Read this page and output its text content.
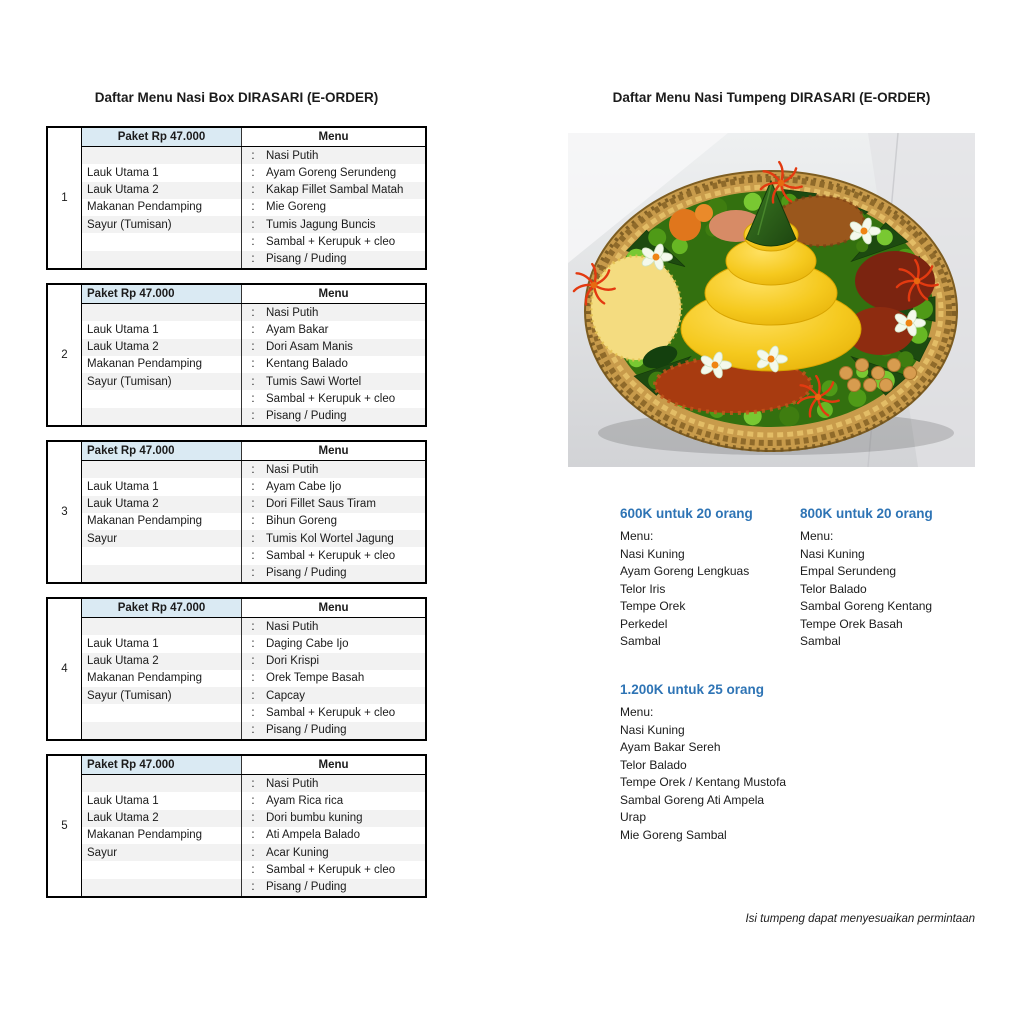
Daftar Menu Nasi Box DIRASARI (E-ORDER)
1
Paket Rp 47.000	Menu
: Nasi Putih
Lauk Utama 1	: Ayam Goreng Serundeng
Lauk Utama 2	: Kakap Fillet Sambal Matah
Makanan Pendamping	: Mie Goreng
Sayur (Tumisan)	: Tumis Jagung Buncis
: Sambal + Kerupuk + cleo
: Pisang / Puding
2
Paket Rp 47.000	Menu
: Nasi Putih
Lauk Utama 1	: Ayam Bakar
Lauk Utama 2	: Dori Asam Manis
Makanan Pendamping	: Kentang Balado
Sayur (Tumisan)	: Tumis Sawi Wortel
: Sambal + Kerupuk + cleo
: Pisang / Puding
3
Paket Rp 47.000	Menu
: Nasi Putih
Lauk Utama 1	: Ayam Cabe Ijo
Lauk Utama 2	: Dori Fillet Saus Tiram
Makanan Pendamping	: Bihun Goreng
Sayur	: Tumis Kol Wortel Jagung
: Sambal + Kerupuk + cleo
: Pisang / Puding
4
Paket Rp 47.000	Menu
: Nasi Putih
Lauk Utama 1	: Daging Cabe Ijo
Lauk Utama 2	: Dori Krispi
Makanan Pendamping	: Orek Tempe Basah
Sayur (Tumisan)	: Capcay
: Sambal + Kerupuk + cleo
: Pisang / Puding
5
Paket Rp 47.000	Menu
: Nasi Putih
Lauk Utama 1	: Ayam Rica rica
Lauk Utama 2	: Dori bumbu kuning
Makanan Pendamping	: Ati Ampela Balado
Sayur	: Acar Kuning
: Sambal + Kerupuk + cleo
: Pisang / Puding
Daftar Menu Nasi Tumpeng DIRASARI (E-ORDER)
600K untuk 20 orang
Menu:
Nasi Kuning
Ayam Goreng Lengkuas
Telor Iris
Tempe Orek
Perkedel
Sambal
800K untuk 20 orang
Menu:
Nasi Kuning
Empal Serundeng
Telor Balado
Sambal Goreng Kentang
Tempe Orek Basah
Sambal
1.200K untuk 25 orang
Menu:
Nasi Kuning
Ayam Bakar Sereh
Telor Balado
Tempe Orek / Kentang Mustofa
Sambal Goreng Ati Ampela
Urap
Mie Goreng Sambal
Isi tumpeng dapat menyesuaikan permintaan
